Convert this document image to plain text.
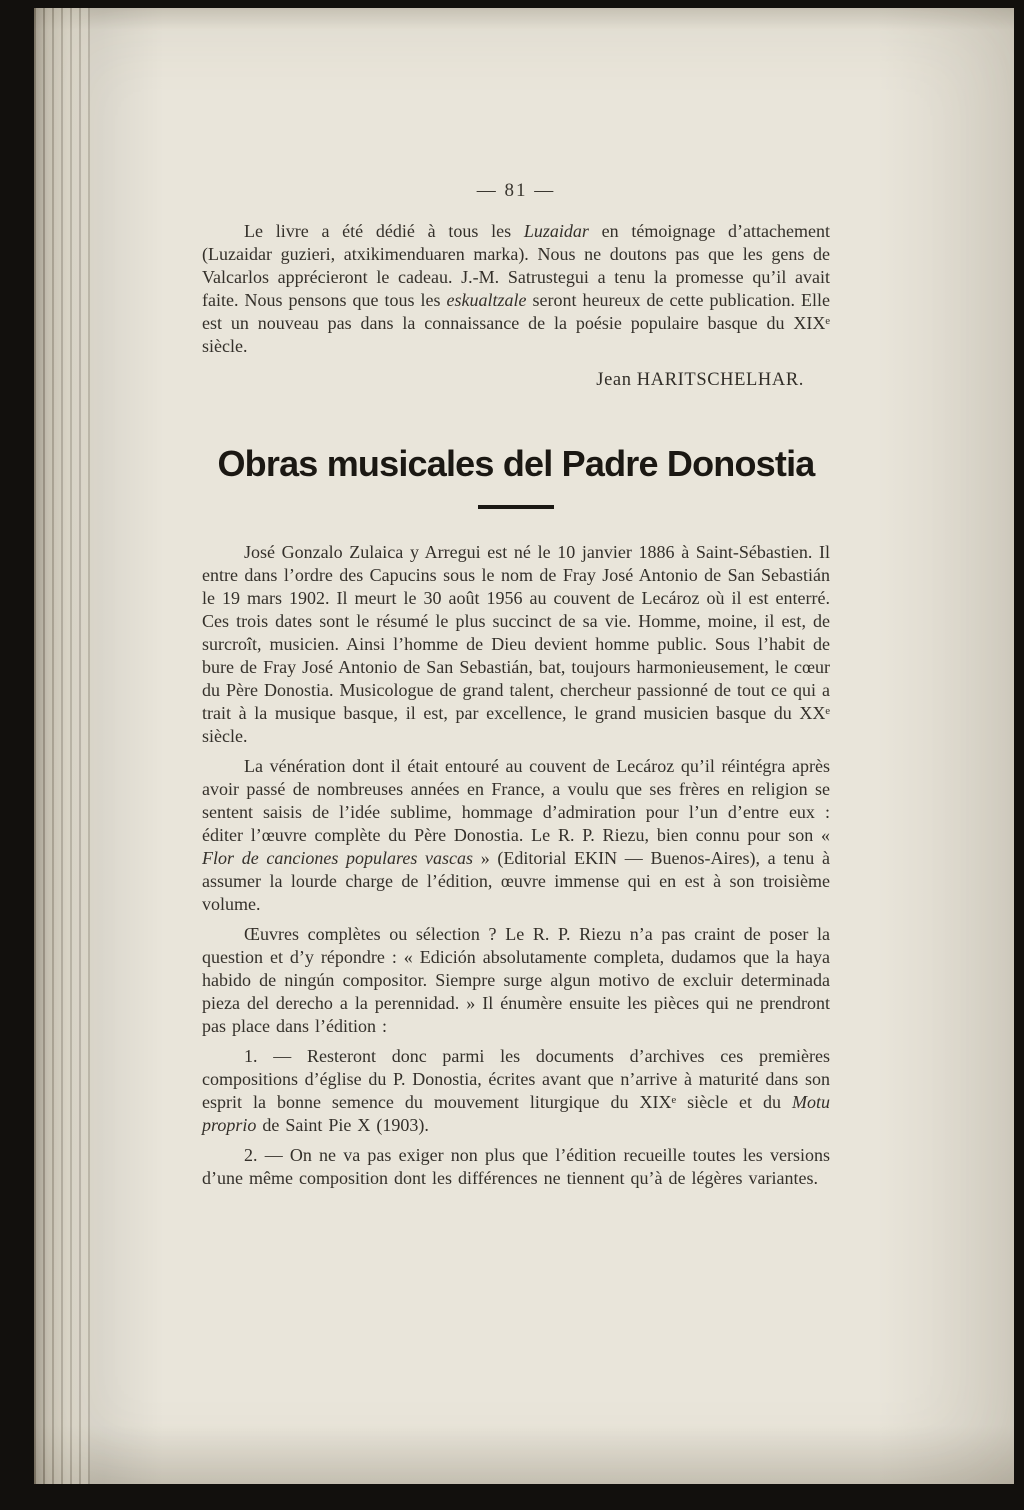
— 81 —

Le livre a été dédié à tous les Luzaidar en témoignage d’attachement (Luzaidar guzieri, atxikimenduaren marka). Nous ne doutons pas que les gens de Valcarlos apprécieront le cadeau. J.-M. Satrustegui a tenu la promesse qu’il avait faite. Nous pensons que tous les eskualtzale seront heureux de cette publication. Elle est un nouveau pas dans la connaissance de la poésie populaire basque du XIXᵉ siècle.

Jean HARITSCHELHAR.
Obras musicales del Padre Donostia

José Gonzalo Zulaica y Arregui est né le 10 janvier 1886 à Saint-Sébastien. Il entre dans l’ordre des Capucins sous le nom de Fray José Antonio de San Sebastián le 19 mars 1902. Il meurt le 30 août 1956 au couvent de Lecároz où il est enterré. Ces trois dates sont le résumé le plus succinct de sa vie. Homme, moine, il est, de surcroît, musicien. Ainsi l’homme de Dieu devient homme public. Sous l’habit de bure de Fray José Antonio de San Sebastián, bat, toujours harmonieusement, le cœur du Père Donostia. Musicologue de grand talent, chercheur passionné de tout ce qui a trait à la musique basque, il est, par excellence, le grand musicien basque du XXᵉ siècle.

La vénération dont il était entouré au couvent de Lecároz qu’il réintégra après avoir passé de nombreuses années en France, a voulu que ses frères en religion se sentent saisis de l’idée sublime, hommage d’admiration pour l’un d’entre eux : éditer l’œuvre complète du Père Donostia. Le R. P. Riezu, bien connu pour son « Flor de canciones populares vascas » (Editorial EKIN — Buenos-Aires), a tenu à assumer la lourde charge de l’édition, œuvre immense qui en est à son troisième volume.

Œuvres complètes ou sélection ? Le R. P. Riezu n’a pas craint de poser la question et d’y répondre : « Edición absolutamente completa, dudamos que la haya habido de ningún compositor. Siempre surge algun motivo de excluir determinada pieza del derecho a la perennidad. » Il énumère ensuite les pièces qui ne prendront pas place dans l’édition :

1. — Resteront donc parmi les documents d’archives ces premières compositions d’église du P. Donostia, écrites avant que n’arrive à maturité dans son esprit la bonne semence du mouvement liturgique du XIXᵉ siècle et du Motu proprio de Saint Pie X (1903).

2. — On ne va pas exiger non plus que l’édition recueille toutes les versions d’une même composition dont les différences ne tiennent qu’à de légères variantes.
